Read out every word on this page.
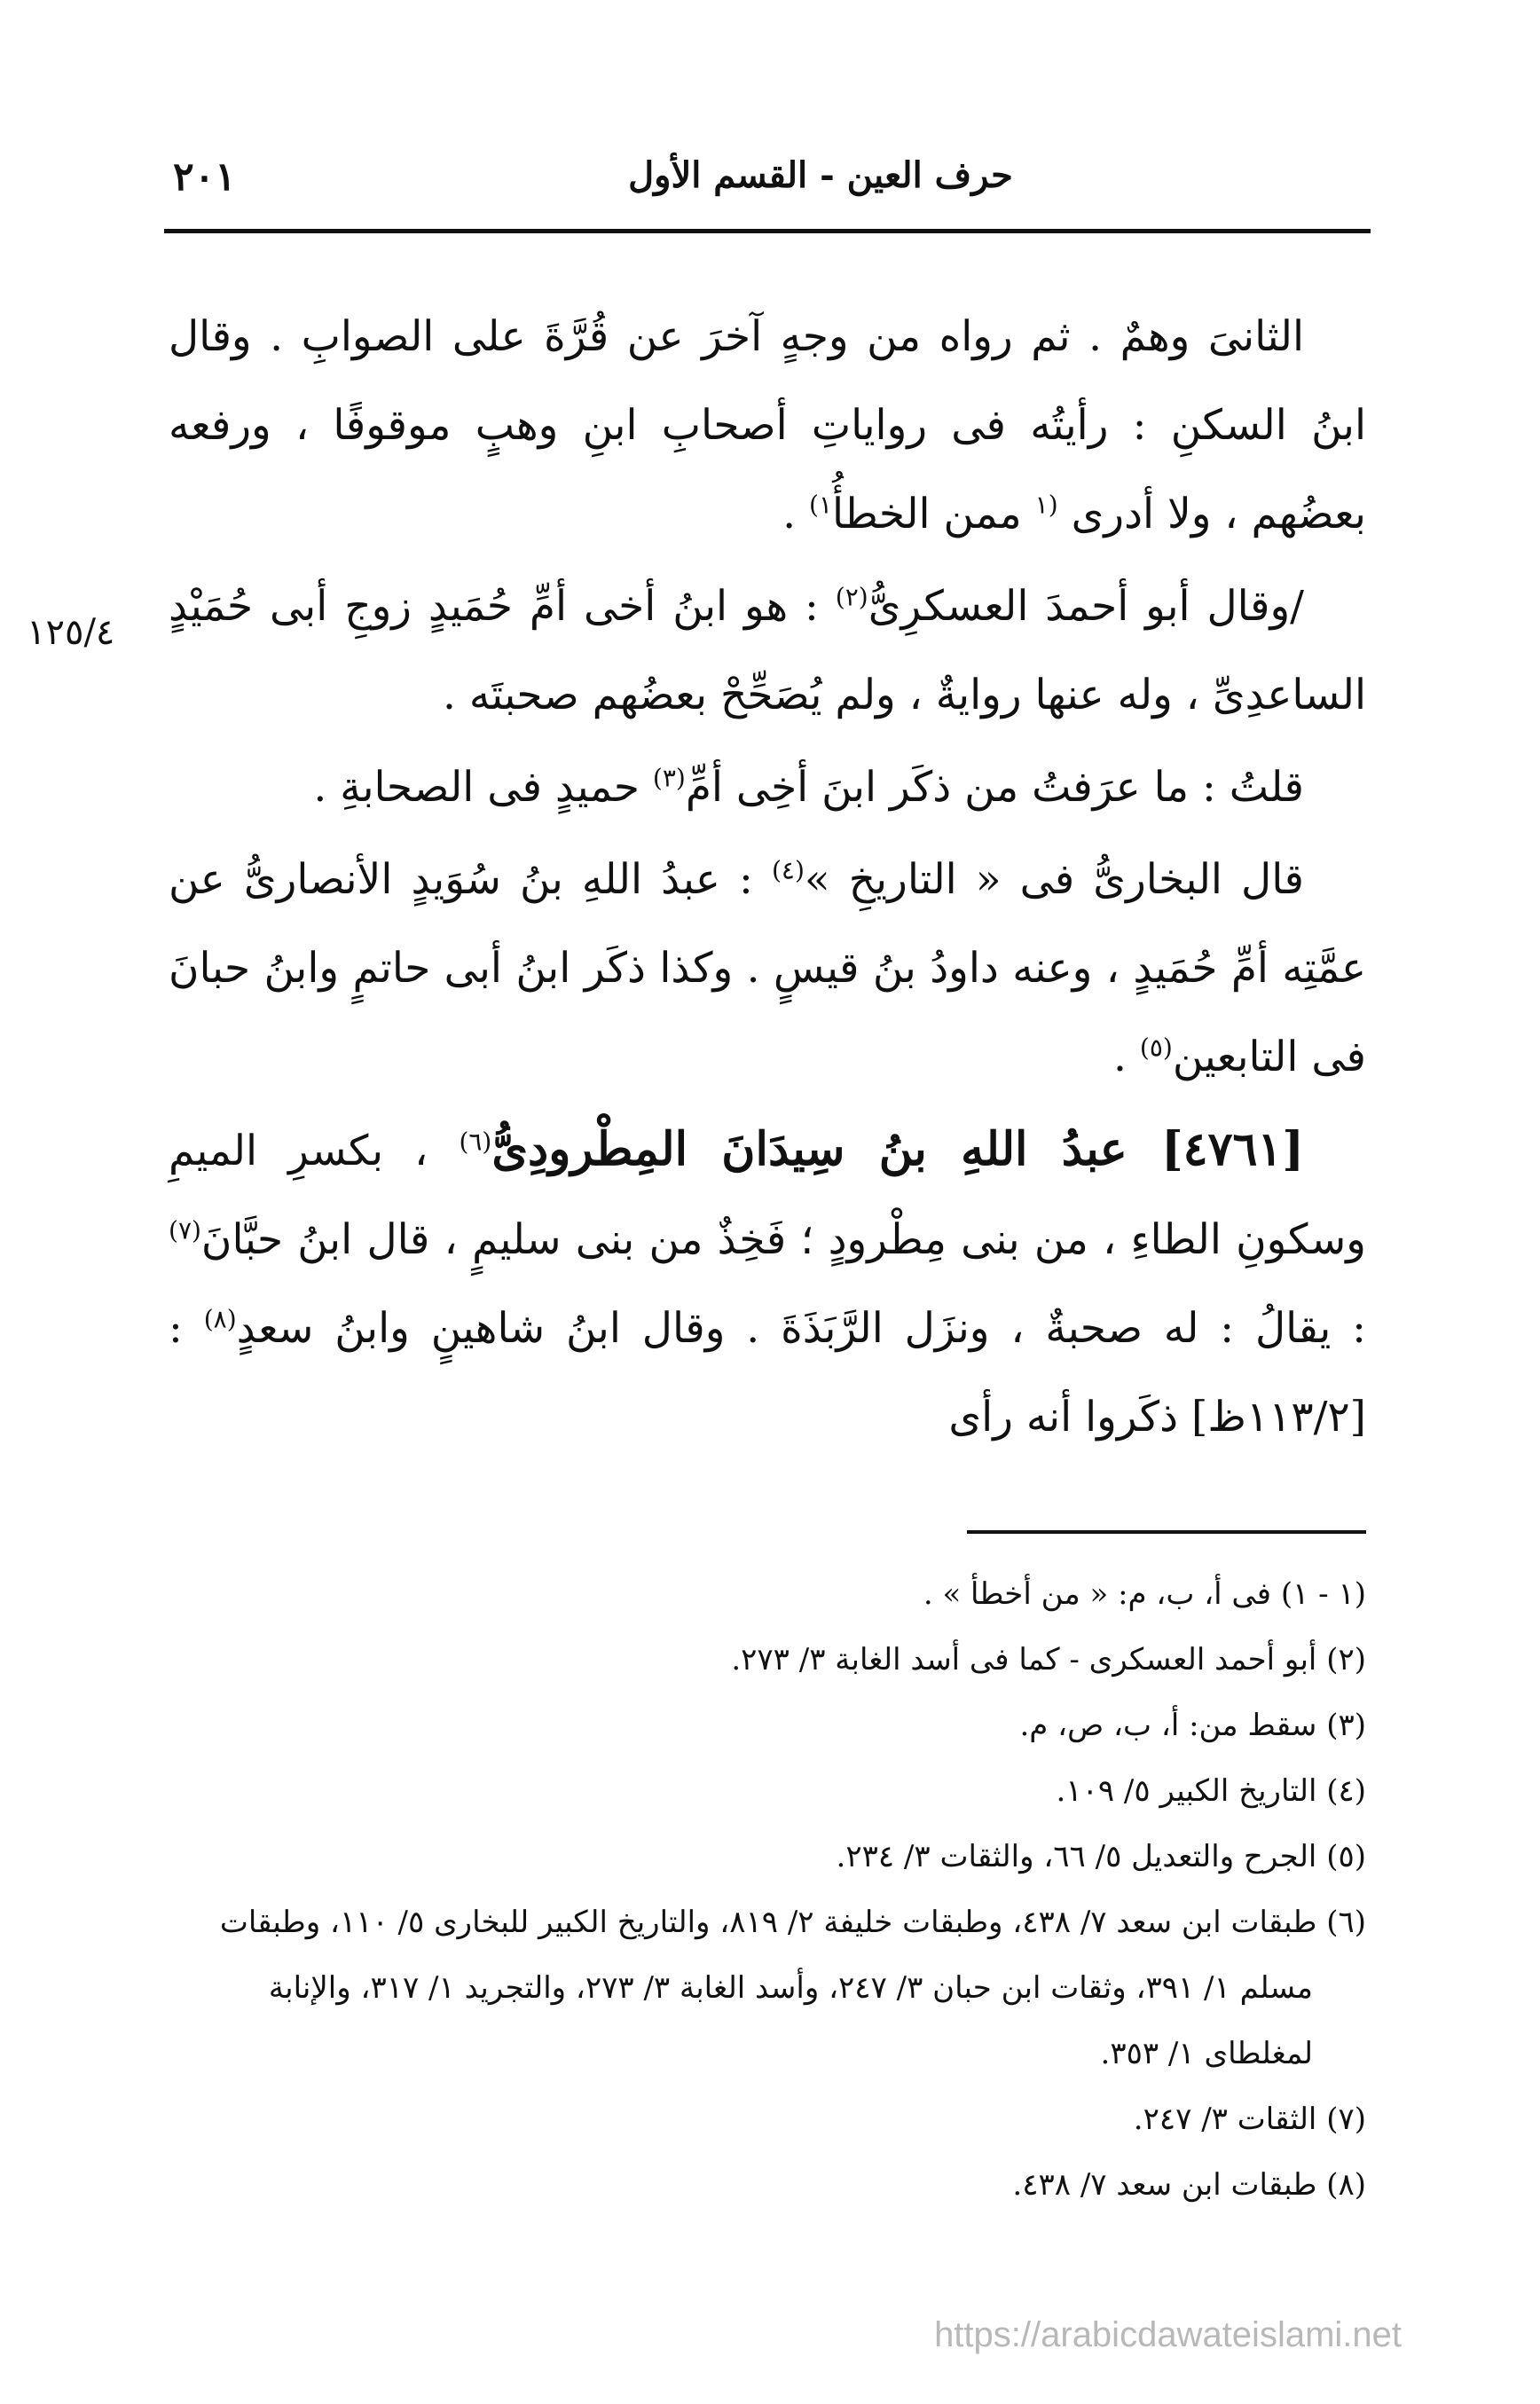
٢٠١	حرف العين - القسم الأول
١٢٥/٤

الثانىَ وهمٌ . ثم رواه من وجهٍ آخرَ عن قُرَّةَ على الصوابِ . وقال ابنُ السكنِ : رأيتُه فى رواياتِ أصحابِ ابنِ وهبٍ موقوفًا ، ورفعه بعضُهم ، ولا أدرى $^{(١}$ ممن الخطأُ$^{١)}$ .

/وقال أبو أحمدَ العسكرِىُّ$^{(٢)}$ : هو ابنُ أخى أمِّ حُمَيدٍ زوجِ أبى حُمَيْدٍ الساعدِىِّ ، وله عنها روايةٌ ، ولم يُصَحِّحْ بعضُهم صحبتَه .

قلتُ : ما عرَفتُ من ذكَر ابنَ أخِى أمِّ$^{(٣)}$ حميدٍ فى الصحابةِ .

قال البخارىُّ فى « التاريخِ »$^{(٤)}$ : عبدُ اللهِ بنُ سُوَيدٍ الأنصارىُّ عن عمَّتِه أمِّ حُمَيدٍ ، وعنه داودُ بنُ قيسٍ . وكذا ذكَر ابنُ أبى حاتمٍ وابنُ حبانَ فى التابعين$^{(٥)}$ .

[٤٧٦١] عبدُ اللهِ بنُ سِيدَانَ المِطْرودِىُّ$^{(٦)}$ ، بكسرِ الميمِ وسكونِ الطاءِ ، من بنى مِطْرودٍ ؛ فَخِذٌ من بنى سليمٍ ، قال ابنُ حبَّانَ$^{(٧)}$ : يقالُ : له صحبةٌ ، ونزَل الرَّبَذَةَ . وقال ابنُ شاهينٍ وابنُ سعدٍ$^{(٨)}$ : [١١٣/٢ظ] ذكَروا أنه رأى

(١ - ١) فى أ، ب، م: « من أخطأ » .

(٢) أبو أحمد العسكرى - كما فى أسد الغابة ٣/ ٢٧٣.

(٣) سقط من: أ، ب، ص، م.

(٤) التاريخ الكبير ٥/ ١٠٩.

(٥) الجرح والتعديل ٥/ ٦٦، والثقات ٣/ ٢٣٤.

(٦) طبقات ابن سعد ٧/ ٤٣٨، وطبقات خليفة ٢/ ٨١٩، والتاريخ الكبير للبخارى ٥/ ١١٠، وطبقات

مسلم ١/ ٣٩١، وثقات ابن حبان ٣/ ٢٤٧، وأسد الغابة ٣/ ٢٧٣، والتجريد ١/ ٣١٧، والإنابة

لمغلطاى ١/ ٣٥٣.

(٧) الثقات ٣/ ٢٤٧.

(٨) طبقات ابن سعد ٧/ ٤٣٨.

https://arabicdawateislami.net
